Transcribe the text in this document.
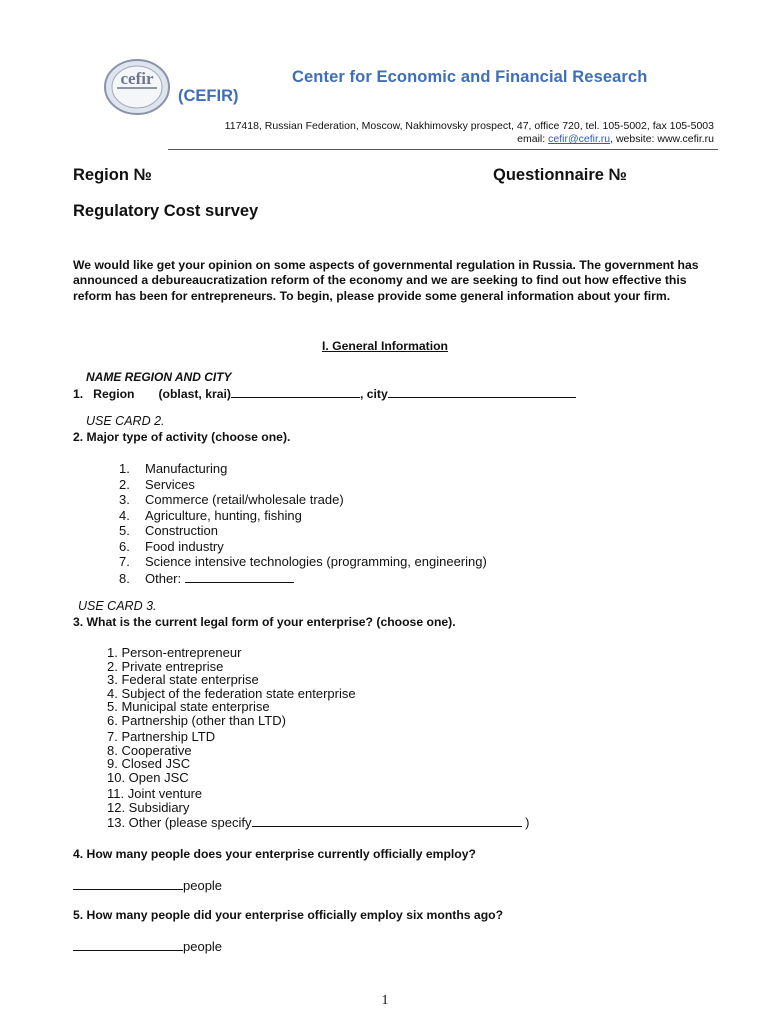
cefir	Center for Economic and Financial Research
(CEFIR)
117418, Russian Federation, Moscow, Nakhimovsky prospect, 47, office 720, tel. 105-5002, fax 105-5003
email: cefir@cefir.ru, website: www.cefir.ru
Region №	Questionnaire №
Regulatory Cost survey

We would like get your opinion on some aspects of governmental regulation in Russia. The government has announced a debureaucratization reform of the economy and we are seeking to find out how effective this reform has been for entrepreneurs. To begin, please provide some general information about your firm.

I. General Information
NAME REGION AND CITY
1. Region (oblast, krai)	, city
USE CARD 2.
2. Major type of activity (choose one).
1. Manufacturing
2. Services
3. Commerce (retail/wholesale trade)
4. Agriculture, hunting, fishing
5. Construction
6. Food industry
7. Science intensive technologies (programming, engineering)
8. Other:
USE CARD 3.
3. What is the current legal form of your enterprise? (choose one).
1. Person-entrepreneur
2. Private entreprise
3. Federal state enterprise
4. Subject of the federation state enterprise
5. Municipal state enterprise
6. Partnership (other than LTD)
7. Partnership LTD
8. Cooperative
9. Closed JSC
10. Open JSC
11. Joint venture
12. Subsidiary
13. Other (please specify	)
4. How many people does your enterprise currently officially employ?
people
5. How many people did your enterprise officially employ six months ago?
people
1
